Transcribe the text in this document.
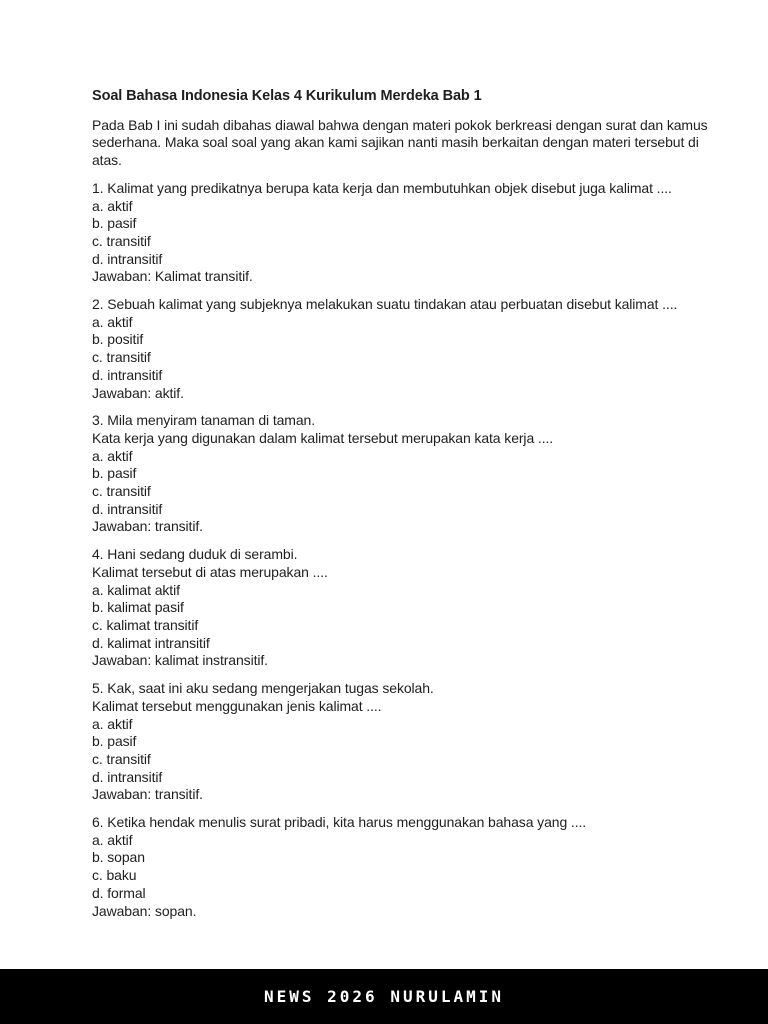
Soal Bahasa Indonesia Kelas 4 Kurikulum Merdeka Bab 1
Pada Bab I ini sudah dibahas diawal bahwa dengan materi pokok berkreasi dengan surat dan kamus
sederhana. Maka soal soal yang akan kami sajikan nanti masih berkaitan dengan materi tersebut di
atas.
1. Kalimat yang predikatnya berupa kata kerja dan membutuhkan objek disebut juga kalimat ....
a. aktif
b. pasif
c. transitif
d. intransitif
Jawaban: Kalimat transitif.
2. Sebuah kalimat yang subjeknya melakukan suatu tindakan atau perbuatan disebut kalimat ....
a. aktif
b. positif
c. transitif
d. intransitif
Jawaban: aktif.
3. Mila menyiram tanaman di taman.
Kata kerja yang digunakan dalam kalimat tersebut merupakan kata kerja ....
a. aktif
b. pasif
c. transitif
d. intransitif
Jawaban: transitif.
4. Hani sedang duduk di serambi.
Kalimat tersebut di atas merupakan ....
a. kalimat aktif
b. kalimat pasif
c. kalimat transitif
d. kalimat intransitif
Jawaban: kalimat instransitif.
5. Kak, saat ini aku sedang mengerjakan tugas sekolah.
Kalimat tersebut menggunakan jenis kalimat ....
a. aktif
b. pasif
c. transitif
d. intransitif
Jawaban: transitif.
6. Ketika hendak menulis surat pribadi, kita harus menggunakan bahasa yang ....
a. aktif
b. sopan
c. baku
d. formal
Jawaban: sopan.
NEWS 2026 NURULAMIN
